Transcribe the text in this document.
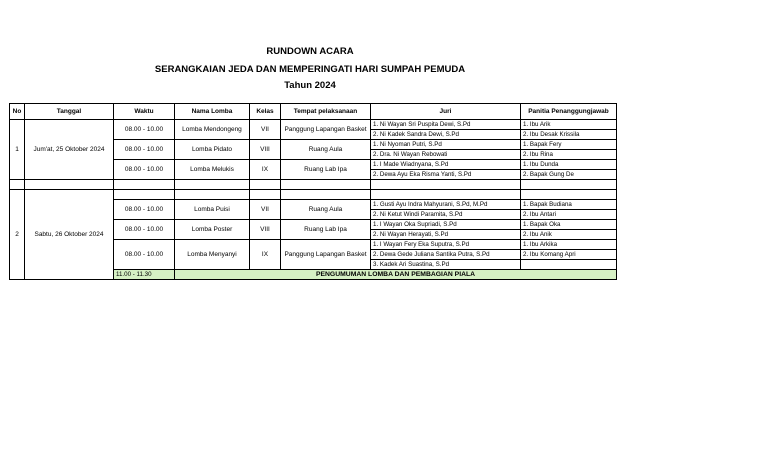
RUNDOWN ACARA
SERANGKAIAN JEDA DAN MEMPERINGATI HARI SUMPAH PEMUDA
Tahun 2024
No	Tanggal	Waktu	Nama Lomba	Kelas	Tempat pelaksanaan	Juri	Panitia Penanggungjawab
1	Jum'at, 25 Oktober 2024	08.00 - 10.00	Lomba Mendongeng	VII	Panggung Lapangan Basket	1. Ni Wayan Sri Puspita Dewi, S.Pd	1. Ibu Arik
						2. Ni Kadek Sandra Dewi, S.Pd	2. Ibu Desak Krissila
		08.00 - 10.00	Lomba Pidato	VIII	Ruang Aula	1. Ni Nyoman Putri, S.Pd	1. Bapak Fery
						2. Dra. Ni Wayan Rebowati	2. Ibu Rina
		08.00 - 10.00	Lomba Melukis	IX	Ruang Lab Ipa	1. I Made Wiadnyana, S.Pd	1. Ibu Dunda
						2. Dewa Ayu Eka Risma Yanti, S.Pd	2. Bapak Gung De

2	Sabtu, 26 Oktober 2024						
		08.00 - 10.00	Lomba Puisi	VII	Ruang Aula	1. Gusti Ayu Indra Mahyurani, S.Pd, M.Pd	1. Bapak Budiana
						2. Ni Ketut Windi Paramita, S.Pd	2. Ibu Antari
		08.00 - 10.00	Lomba Poster	VIII	Ruang Lab Ipa	1. I Wayan Oka Supriadi, S.Pd	1. Bapak Oka
						2. Ni Wayan Herayati, S.Pd	2. Ibu Anik
		08.00 - 10.00	Lomba Menyanyi	IX	Panggung Lapangan Basket	1. I Wayan Fery Eka Suputra, S.Pd	1. Ibu Arkika
						2. Dewa Gede Juliana Santika Putra, S.Pd	2. Ibu Komang Apri
						3. Kadek Ari Suastina, S.Pd	
		11.00 - 11.30	PENGUMUMAN LOMBA DAN PEMBAGIAN PIALA				
